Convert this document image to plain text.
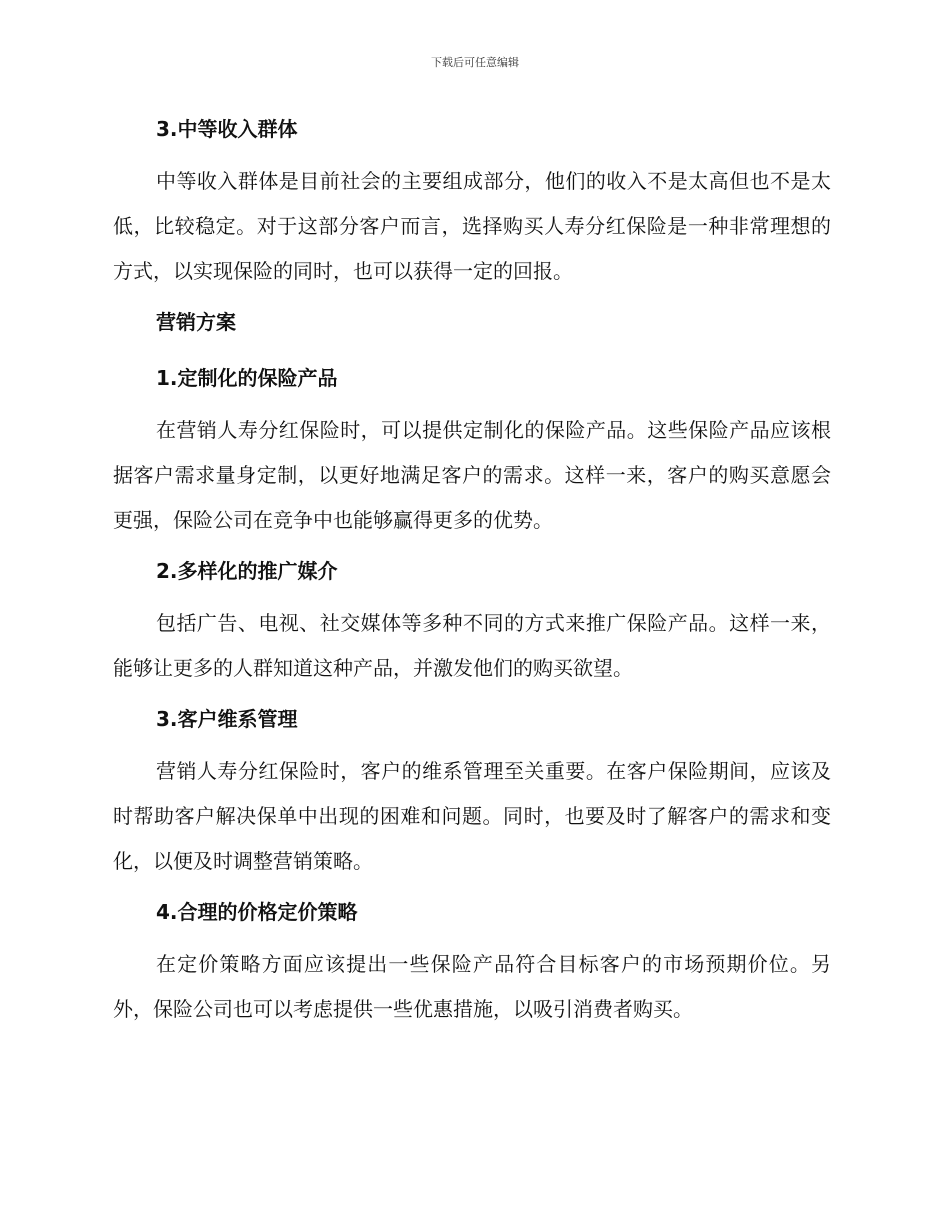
下载后可任意编辑
3.中等收入群体

中等收入群体是目前社会的主要组成部分，他们的收入不是太高但也不是太低，比较稳定。对于这部分客户而言，选择购买人寿分红保险是一种非常理想的方式，以实现保险的同时，也可以获得一定的回报。

营销方案
1.定制化的保险产品

在营销人寿分红保险时，可以提供定制化的保险产品。这些保险产品应该根据客户需求量身定制，以更好地满足客户的需求。这样一来，客户的购买意愿会更强，保险公司在竞争中也能够赢得更多的优势。

2.多样化的推广媒介

包括广告、电视、社交媒体等多种不同的方式来推广保险产品。这样一来，能够让更多的人群知道这种产品，并激发他们的购买欲望。

3.客户维系管理

营销人寿分红保险时，客户的维系管理至关重要。在客户保险期间，应该及时帮助客户解决保单中出现的困难和问题。同时，也要及时了解客户的需求和变化，以便及时调整营销策略。

4.合理的价格定价策略

在定价策略方面应该提出一些保险产品符合目标客户的市场预期价位。另外，保险公司也可以考虑提供一些优惠措施，以吸引消费者购买。
